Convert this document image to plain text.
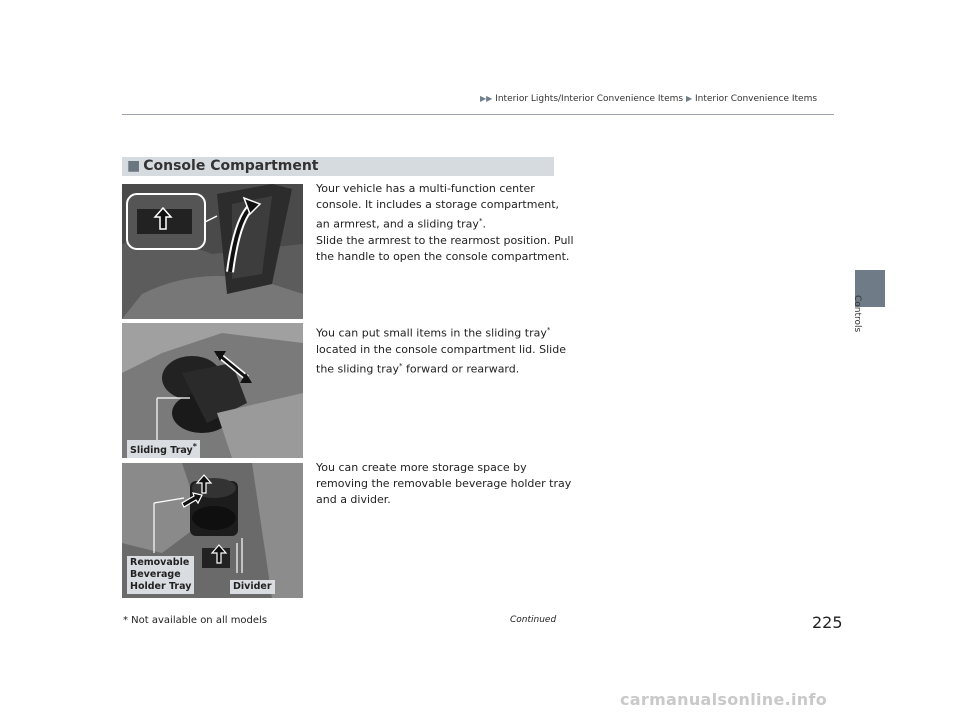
▶▶ Interior Lights/Interior Convenience Items ▶ Interior Convenience Items
■ Console Compartment
Sliding Tray*
Removable
Beverage
Holder Tray	Divider
Your vehicle has a multi-function center
console. It includes a storage compartment,
an armrest, and a sliding tray*.
Slide the armrest to the rearmost position. Pull
the handle to open the console compartment.
You can put small items in the sliding tray*
located in the console compartment lid. Slide
the sliding tray* forward or rearward.
You can create more storage space by
removing the removable beverage holder tray
and a divider.
Controls
* Not available on all models	Continued	225
carmanualsonline.info
